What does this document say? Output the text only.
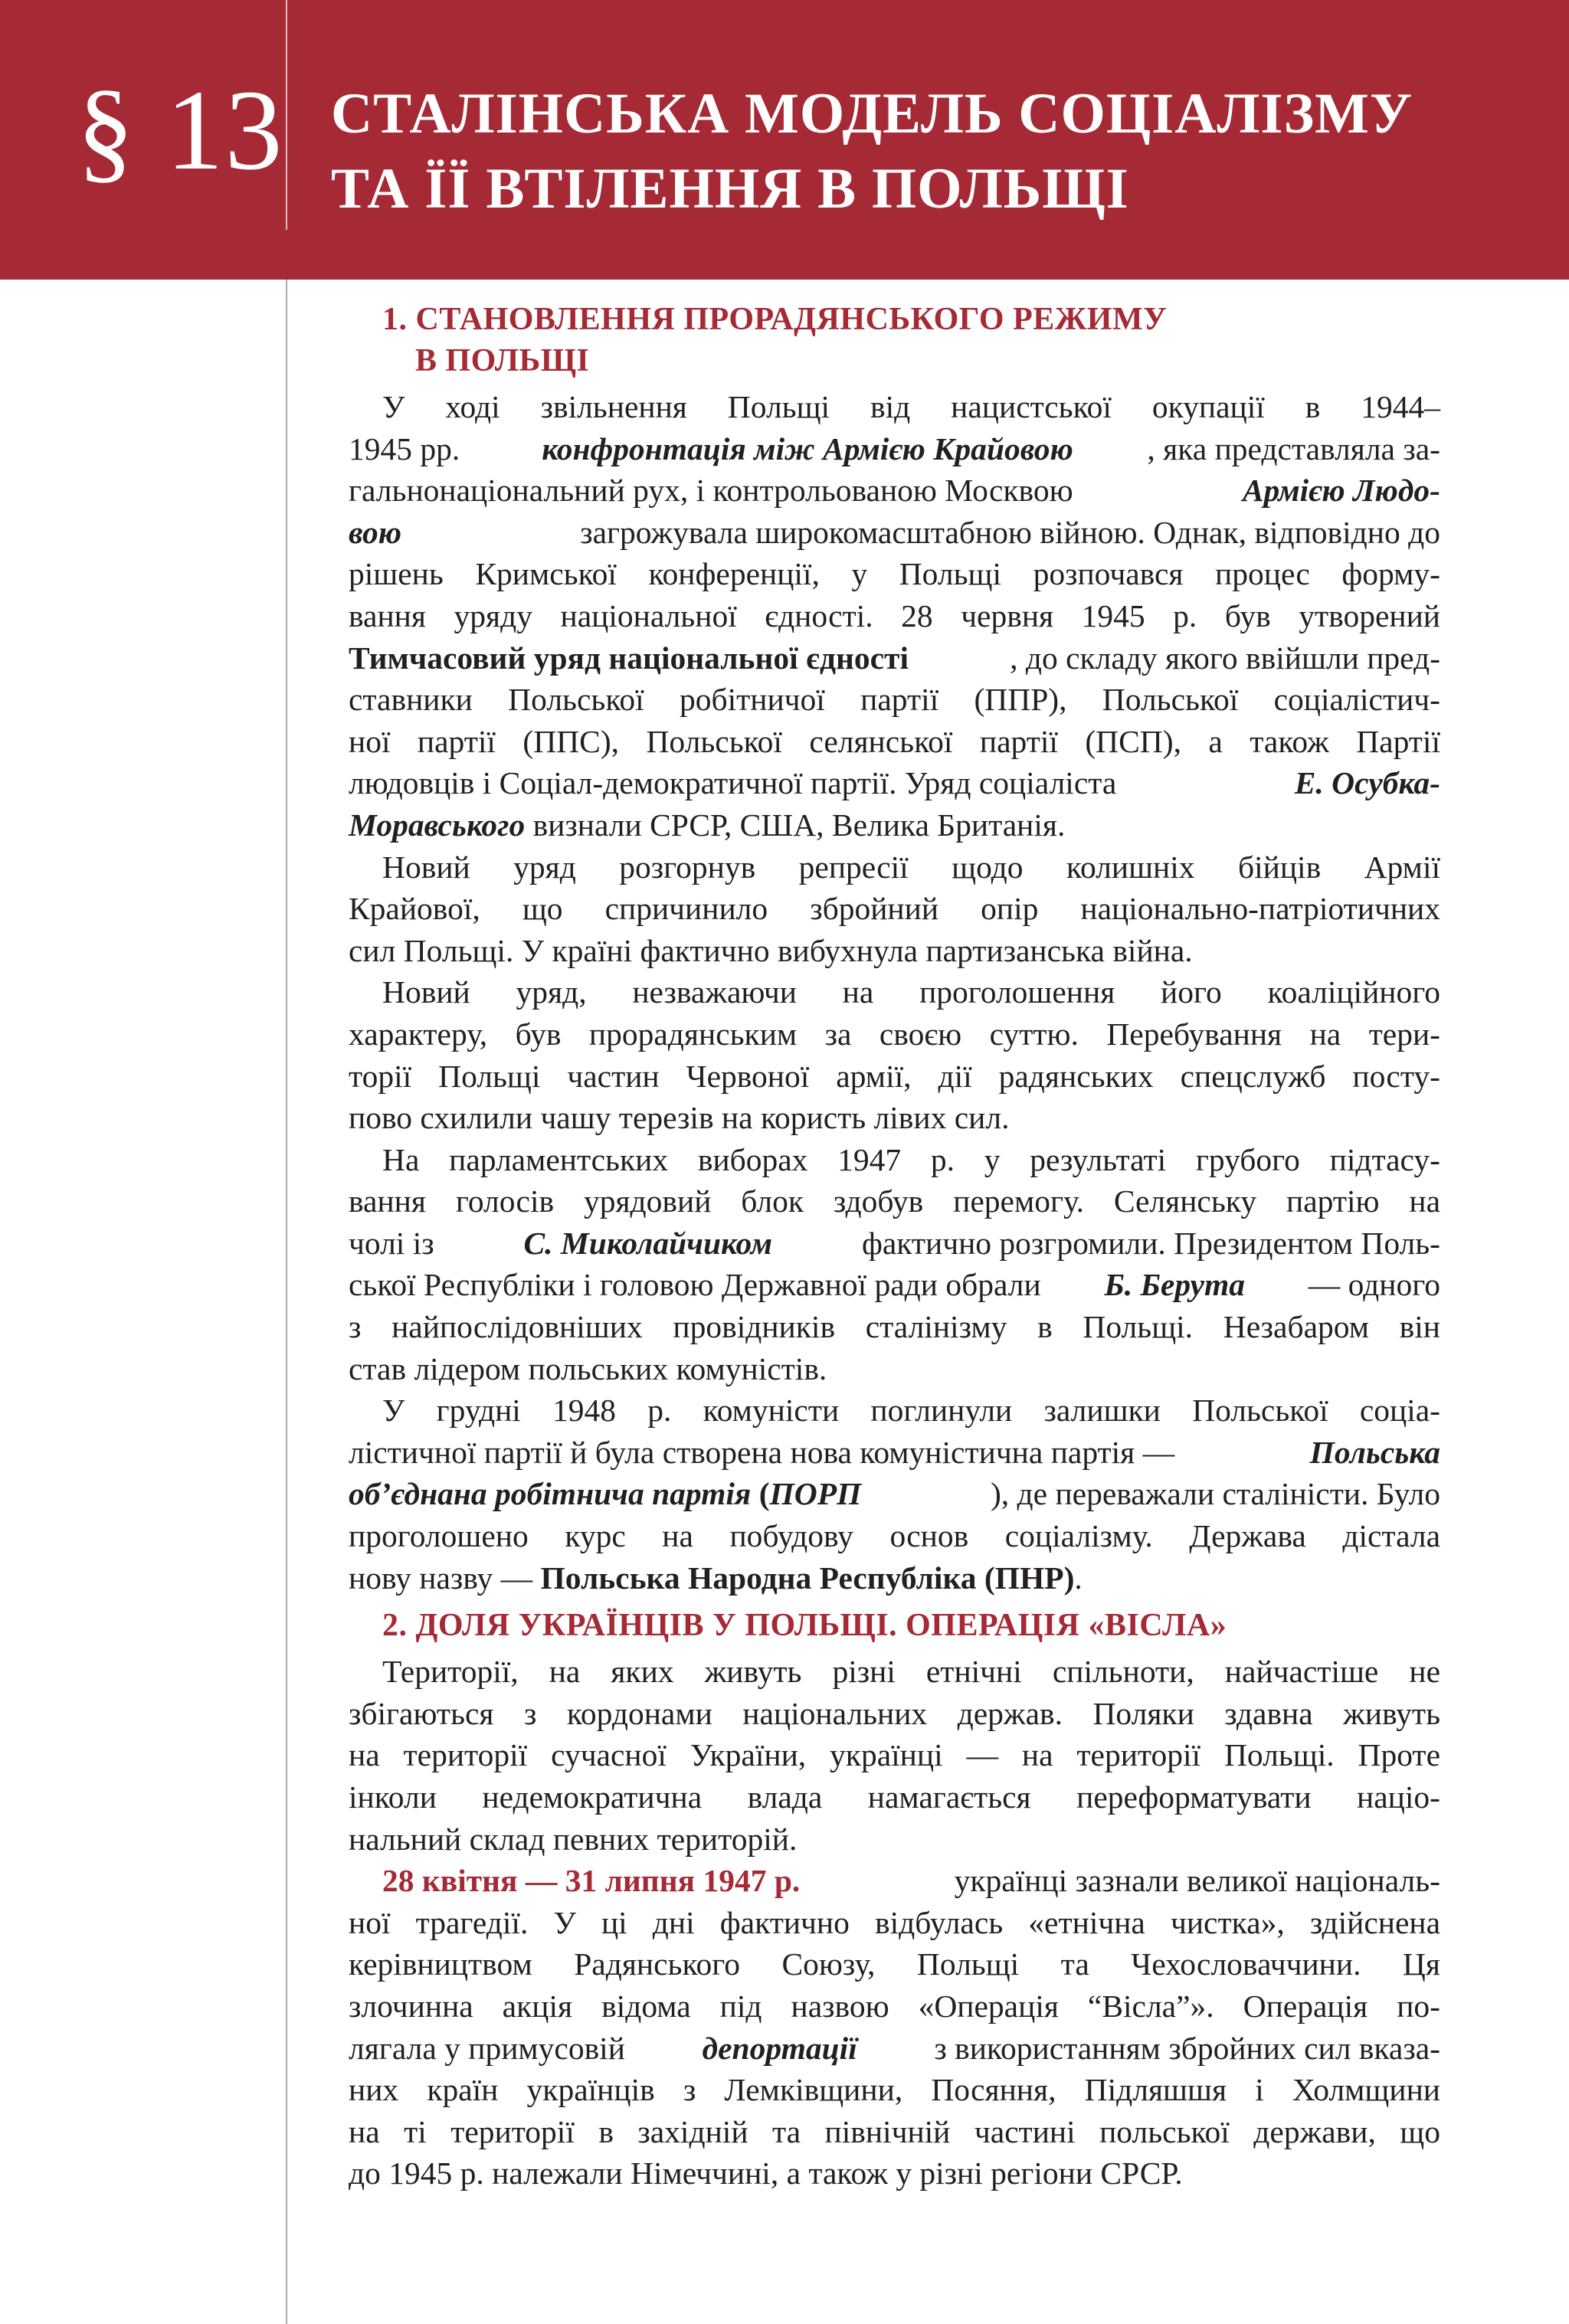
§ 13 СТАЛІНСЬКА МОДЕЛЬ СОЦІАЛІЗМУ
ТА ЇЇ ВТІЛЕННЯ В ПОЛЬЩІ
1. СТАНОВЛЕННЯ ПРОРАДЯНСЬКОГО РЕЖИМУ
В ПОЛЬЩІ
У ході звільнення Польщі від нацистської окупації в 1944–
1945 рр. конфронтація між Армією Крайовою , яка представляла за-
гальнонаціональний рух, і контрольованою Москвою	Армією Людо-
вою	загрожувала широкомасштабною війною. Однак, відповідно до
рішень Кримської конференції, у Польщі розпочався процес форму-
вання уряду національної єдності. 28 червня 1945 р. був утворений
Тимчасовий уряд національної єдності	, до складу якого ввійшли пред-
ставники Польської робітничої партії (ППР), Польської соціалістич-
ної партії (ППС), Польської селянської партії (ПСП), а також Партії
людовців і Соціал-демократичної партії. Уряд соціаліста	Е. Осубка-
Моравського визнали СРСР, США, Велика Британія.
Новий уряд розгорнув репресії щодо колишніх бійців Армії
Крайової, що спричинило збройний опір національно-патріотичних
сил Польщі. У країні фактично вибухнула партизанська війна.
Новий уряд, незважаючи на проголошення його коаліційного
характеру, був прорадянським за своєю суттю. Перебування на тери-
торії Польщі частин Червоної армії, дії радянських спецслужб посту-
пово схилили чашу терезів на користь лівих сил.
На парламентських виборах 1947 р. у результаті грубого підтасу-
вання голосів урядовий блок здобув перемогу. Селянську партію на
чолі із	С. Миколайчиком	фактично розгромили. Президентом Поль-
ської Республіки і головою Державної ради обрали Б. Берута — одного
з найпослідовніших провідників сталінізму в Польщі. Незабаром він
став лідером польських комуністів.
У грудні 1948 р. комуністи поглинули залишки Польської соціа-
лістичної партії й була створена нова комуністична партія —	Польська
об’єднана робітнича партія (ПОРП	), де переважали сталіністи. Було
проголошено курс на побудову основ соціалізму. Держава дістала
нову назву — Польська Народна Республіка (ПНР).
2. ДОЛЯ УКРАЇНЦІВ У ПОЛЬЩІ. ОПЕРАЦІЯ «ВІСЛА»
Території, на яких живуть різні етнічні спільноти, найчастіше не
збігаються з кордонами національних держав. Поляки здавна живуть
на території сучасної України, українці — на території Польщі. Проте
інколи недемократична влада намагається переформатувати націо-
нальний склад певних територій.
28 квітня — 31 липня 1947 р.	українці зазнали великої національ-
ної трагедії. У ці дні фактично відбулась «етнічна чистка», здійснена
керівництвом Радянського Союзу, Польщі та Чехословаччини. Ця
злочинна акція відома під назвою «Операція “Вісла”». Операція по-
лягала у примусовій депортації з використанням збройних сил вказа-
них країн українців з Лемківщини, Посяння, Підляшшя і Холмщини
на ті території в західній та північній частині польської держави, що
до 1945 р. належали Німеччині, а також у різні регіони СРСР.
